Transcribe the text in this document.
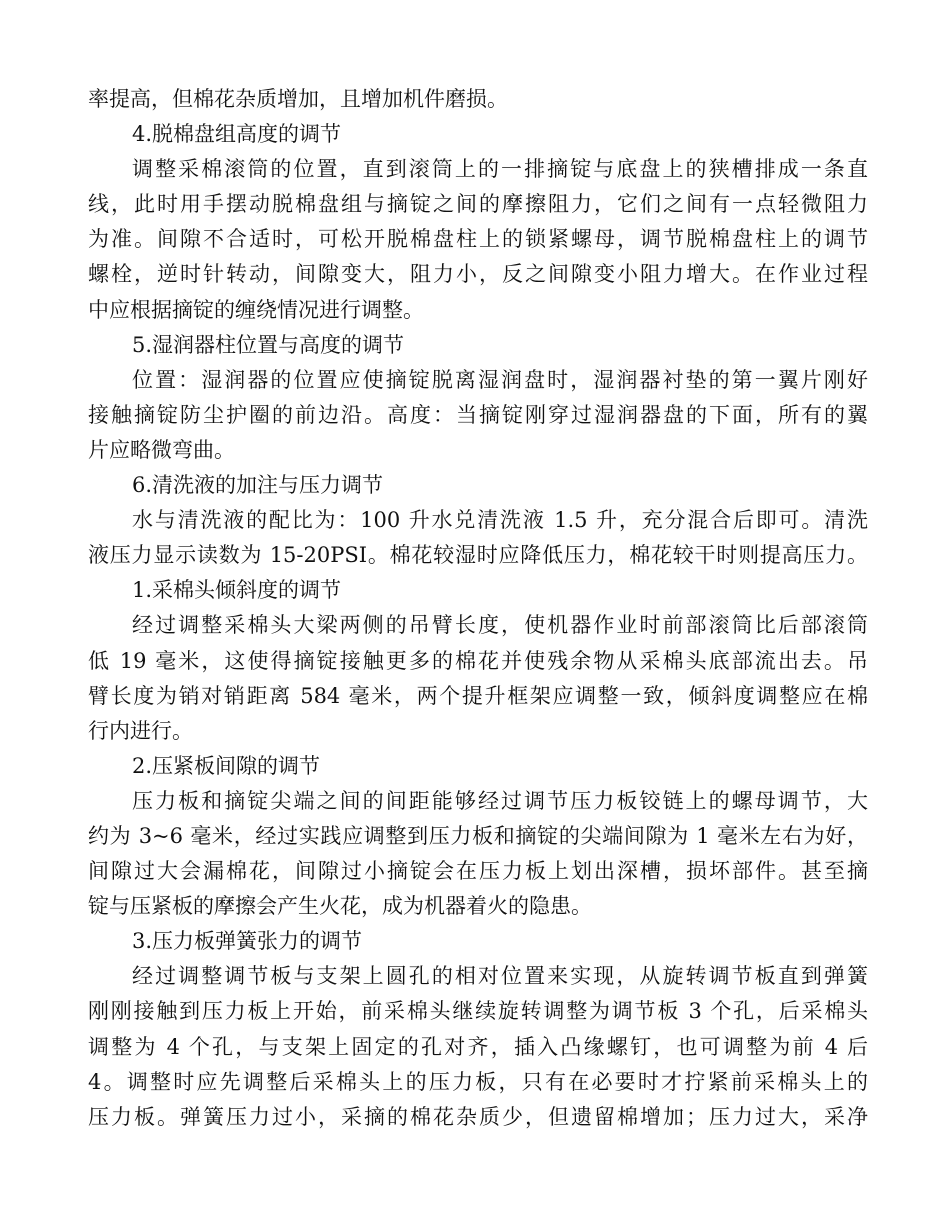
率提高，但棉花杂质增加，且增加机件磨损。
4.脱棉盘组高度的调节
调整采棉滚筒的位置，直到滚筒上的一排摘锭与底盘上的狭槽排成一条直
线，此时用手摆动脱棉盘组与摘锭之间的摩擦阻力，它们之间有一点轻微阻力
为准。间隙不合适时，可松开脱棉盘柱上的锁紧螺母，调节脱棉盘柱上的调节
螺栓，逆时针转动，间隙变大，阻力小，反之间隙变小阻力增大。在作业过程
中应根据摘锭的缠绕情况进行调整。
5.湿润器柱位置与高度的调节
位置：湿润器的位置应使摘锭脱离湿润盘时，湿润器衬垫的第一翼片刚好
接触摘锭防尘护圈的前边沿。高度：当摘锭刚穿过湿润器盘的下面，所有的翼
片应略微弯曲。
6.清洗液的加注与压力调节
水与清洗液的配比为：100 升水兑清洗液 1.5 升，充分混合后即可。清洗
液压力显示读数为 15-20PSI。棉花较湿时应降低压力，棉花较干时则提高压力。
1.采棉头倾斜度的调节
经过调整采棉头大梁两侧的吊臂长度，使机器作业时前部滚筒比后部滚筒
低 19 毫米，这使得摘锭接触更多的棉花并使残余物从采棉头底部流出去。吊
臂长度为销对销距离 584 毫米，两个提升框架应调整一致，倾斜度调整应在棉
行内进行。
2.压紧板间隙的调节
压力板和摘锭尖端之间的间距能够经过调节压力板铰链上的螺母调节，大
约为 3~6 毫米，经过实践应调整到压力板和摘锭的尖端间隙为 1 毫米左右为好，
间隙过大会漏棉花，间隙过小摘锭会在压力板上划出深槽，损坏部件。甚至摘
锭与压紧板的摩擦会产生火花，成为机器着火的隐患。
3.压力板弹簧张力的调节
经过调整调节板与支架上圆孔的相对位置来实现，从旋转调节板直到弹簧
刚刚接触到压力板上开始，前采棉头继续旋转调整为调节板 3 个孔，后采棉头
调整为 4 个孔，与支架上固定的孔对齐，插入凸缘螺钉，也可调整为前 4 后
4。调整时应先调整后采棉头上的压力板，只有在必要时才拧紧前采棉头上的
压力板。弹簧压力过小，采摘的棉花杂质少，但遗留棉增加；压力过大，采净
